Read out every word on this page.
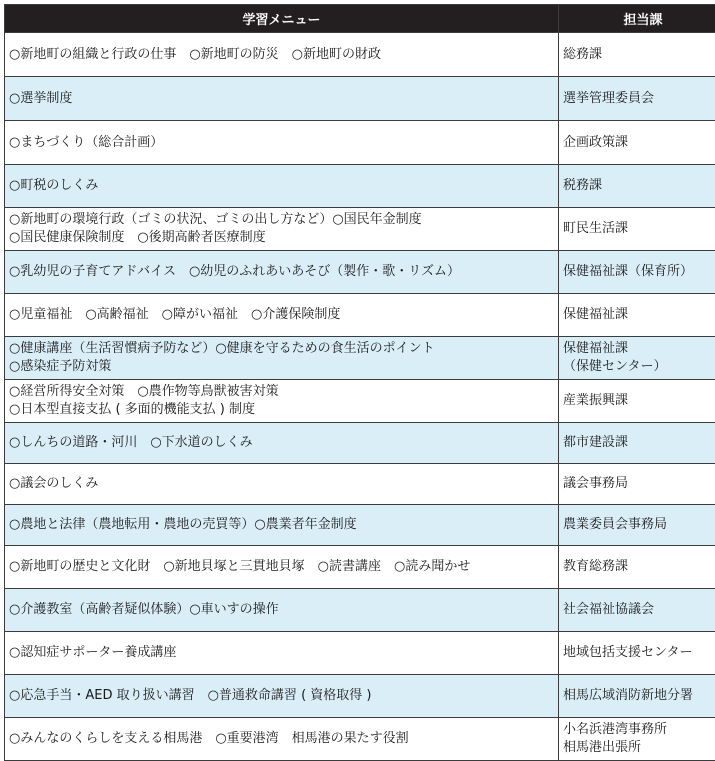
学習メニュー	担当課

○新地町の組織と行政の仕事　○新地町の防災　○新地町の財政	総務課

○選挙制度	選挙管理委員会

○まちづくり（総合計画）	企画政策課

○町税のしくみ	税務課

○新地町の環境行政（ゴミの状況、ゴミの出し方など）○国民年金制度
○国民健康保険制度　○後期高齢者医療制度	町民生活課

○乳幼児の子育てアドバイス　○幼児のふれあいあそび（製作・歌・リズム）	保健福祉課（保育所）

○児童福祉　○高齢福祉　○障がい福祉　○介護保険制度	保健福祉課

○健康講座（生活習慣病予防など）○健康を守るための食生活のポイント
○感染症予防対策	保健福祉課
（保健センター）

○経営所得安全対策　○農作物等鳥獣被害対策
○日本型直接支払 ( 多面的機能支払 ) 制度	産業振興課

○しんちの道路・河川　○下水道のしくみ	都市建設課

○議会のしくみ	議会事務局

○農地と法律（農地転用・農地の売買等）○農業者年金制度	農業委員会事務局

○新地町の歴史と文化財　○新地貝塚と三貫地貝塚　○読書講座　○読み聞かせ	教育総務課

○介護教室（高齢者疑似体験）○車いすの操作	社会福祉協議会

○認知症サポーター養成講座	地域包括支援センター

○応急手当・AED 取り扱い講習　○普通救命講習 ( 資格取得 )	相馬広域消防新地分署

○みんなのくらしを支える相馬港　○重要港湾　相馬港の果たす役割	小名浜港湾事務所
相馬港出張所
